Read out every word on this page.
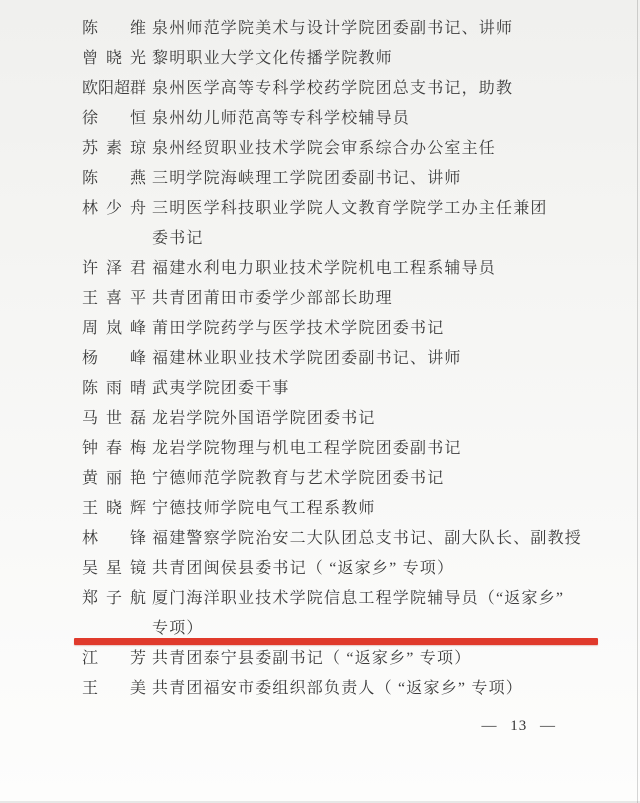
陈 维 泉州师范学院美术与设计学院团委副书记、讲师
曾 晓 光 黎明职业大学文化传播学院教师
欧 阳 超 群 泉州医学高等专科学校药学院团总支书记，助教
徐 恒 泉州幼儿师范高等专科学校辅导员
苏 素 琼 泉州经贸职业技术学院会审系综合办公室主任
陈 燕 三明学院海峡理工学院团委副书记、讲师
林 少 舟 三明医学科技职业学院人文教育学院学工办主任兼团
委书记
许 泽 君 福建水利电力职业技术学院机电工程系辅导员
王 喜 平 共青团莆田市委学少部部长助理
周 岚 峰 莆田学院药学与医学技术学院团委书记
杨 峰 福建林业职业技术学院团委副书记、讲师
陈 雨 晴 武夷学院团委干事
马 世 磊 龙岩学院外国语学院团委书记
钟 春 梅 龙岩学院物理与机电工程学院团委副书记
黄 丽 艳 宁德师范学院教育与艺术学院团委书记
王 晓 辉 宁德技师学院电气工程系教师
林 锋 福建警察学院治安二大队团总支书记、副大队长、副教授
吴 星 镜 共青团闽侯县委书记（ “返家乡” 专项）
郑 子 航 厦门海洋职业技术学院信息工程学院辅导员（“返家乡”
专项）
江 芳 共青团泰宁县委副书记（ “返家乡” 专项）
王 美 共青团福安市委组织部负责人（ “返家乡” 专项）
— 13 —
